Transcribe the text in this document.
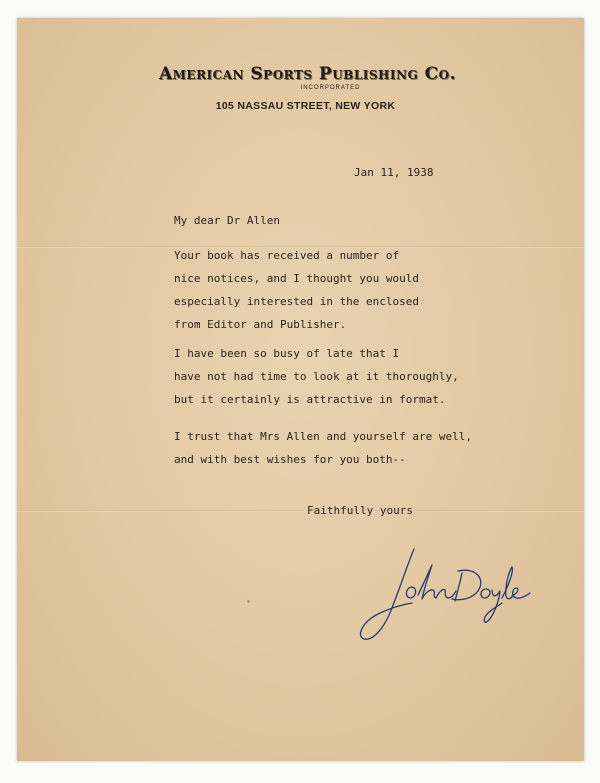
American Sports Publishing Co.
INCORPORATED
105 NASSAU STREET, NEW YORK
Jan 11, 1938
My dear Dr Allen
Your book has received a number of
nice notices, and I thought you would
especially interested in the enclosed
from Editor and Publisher.
I have been so busy of late that I
have not had time to look at it thoroughly,
but it certainly is attractive in format.
I trust that Mrs Allen and yourself are well,
and with best wishes for you both--
Faithfully yours
